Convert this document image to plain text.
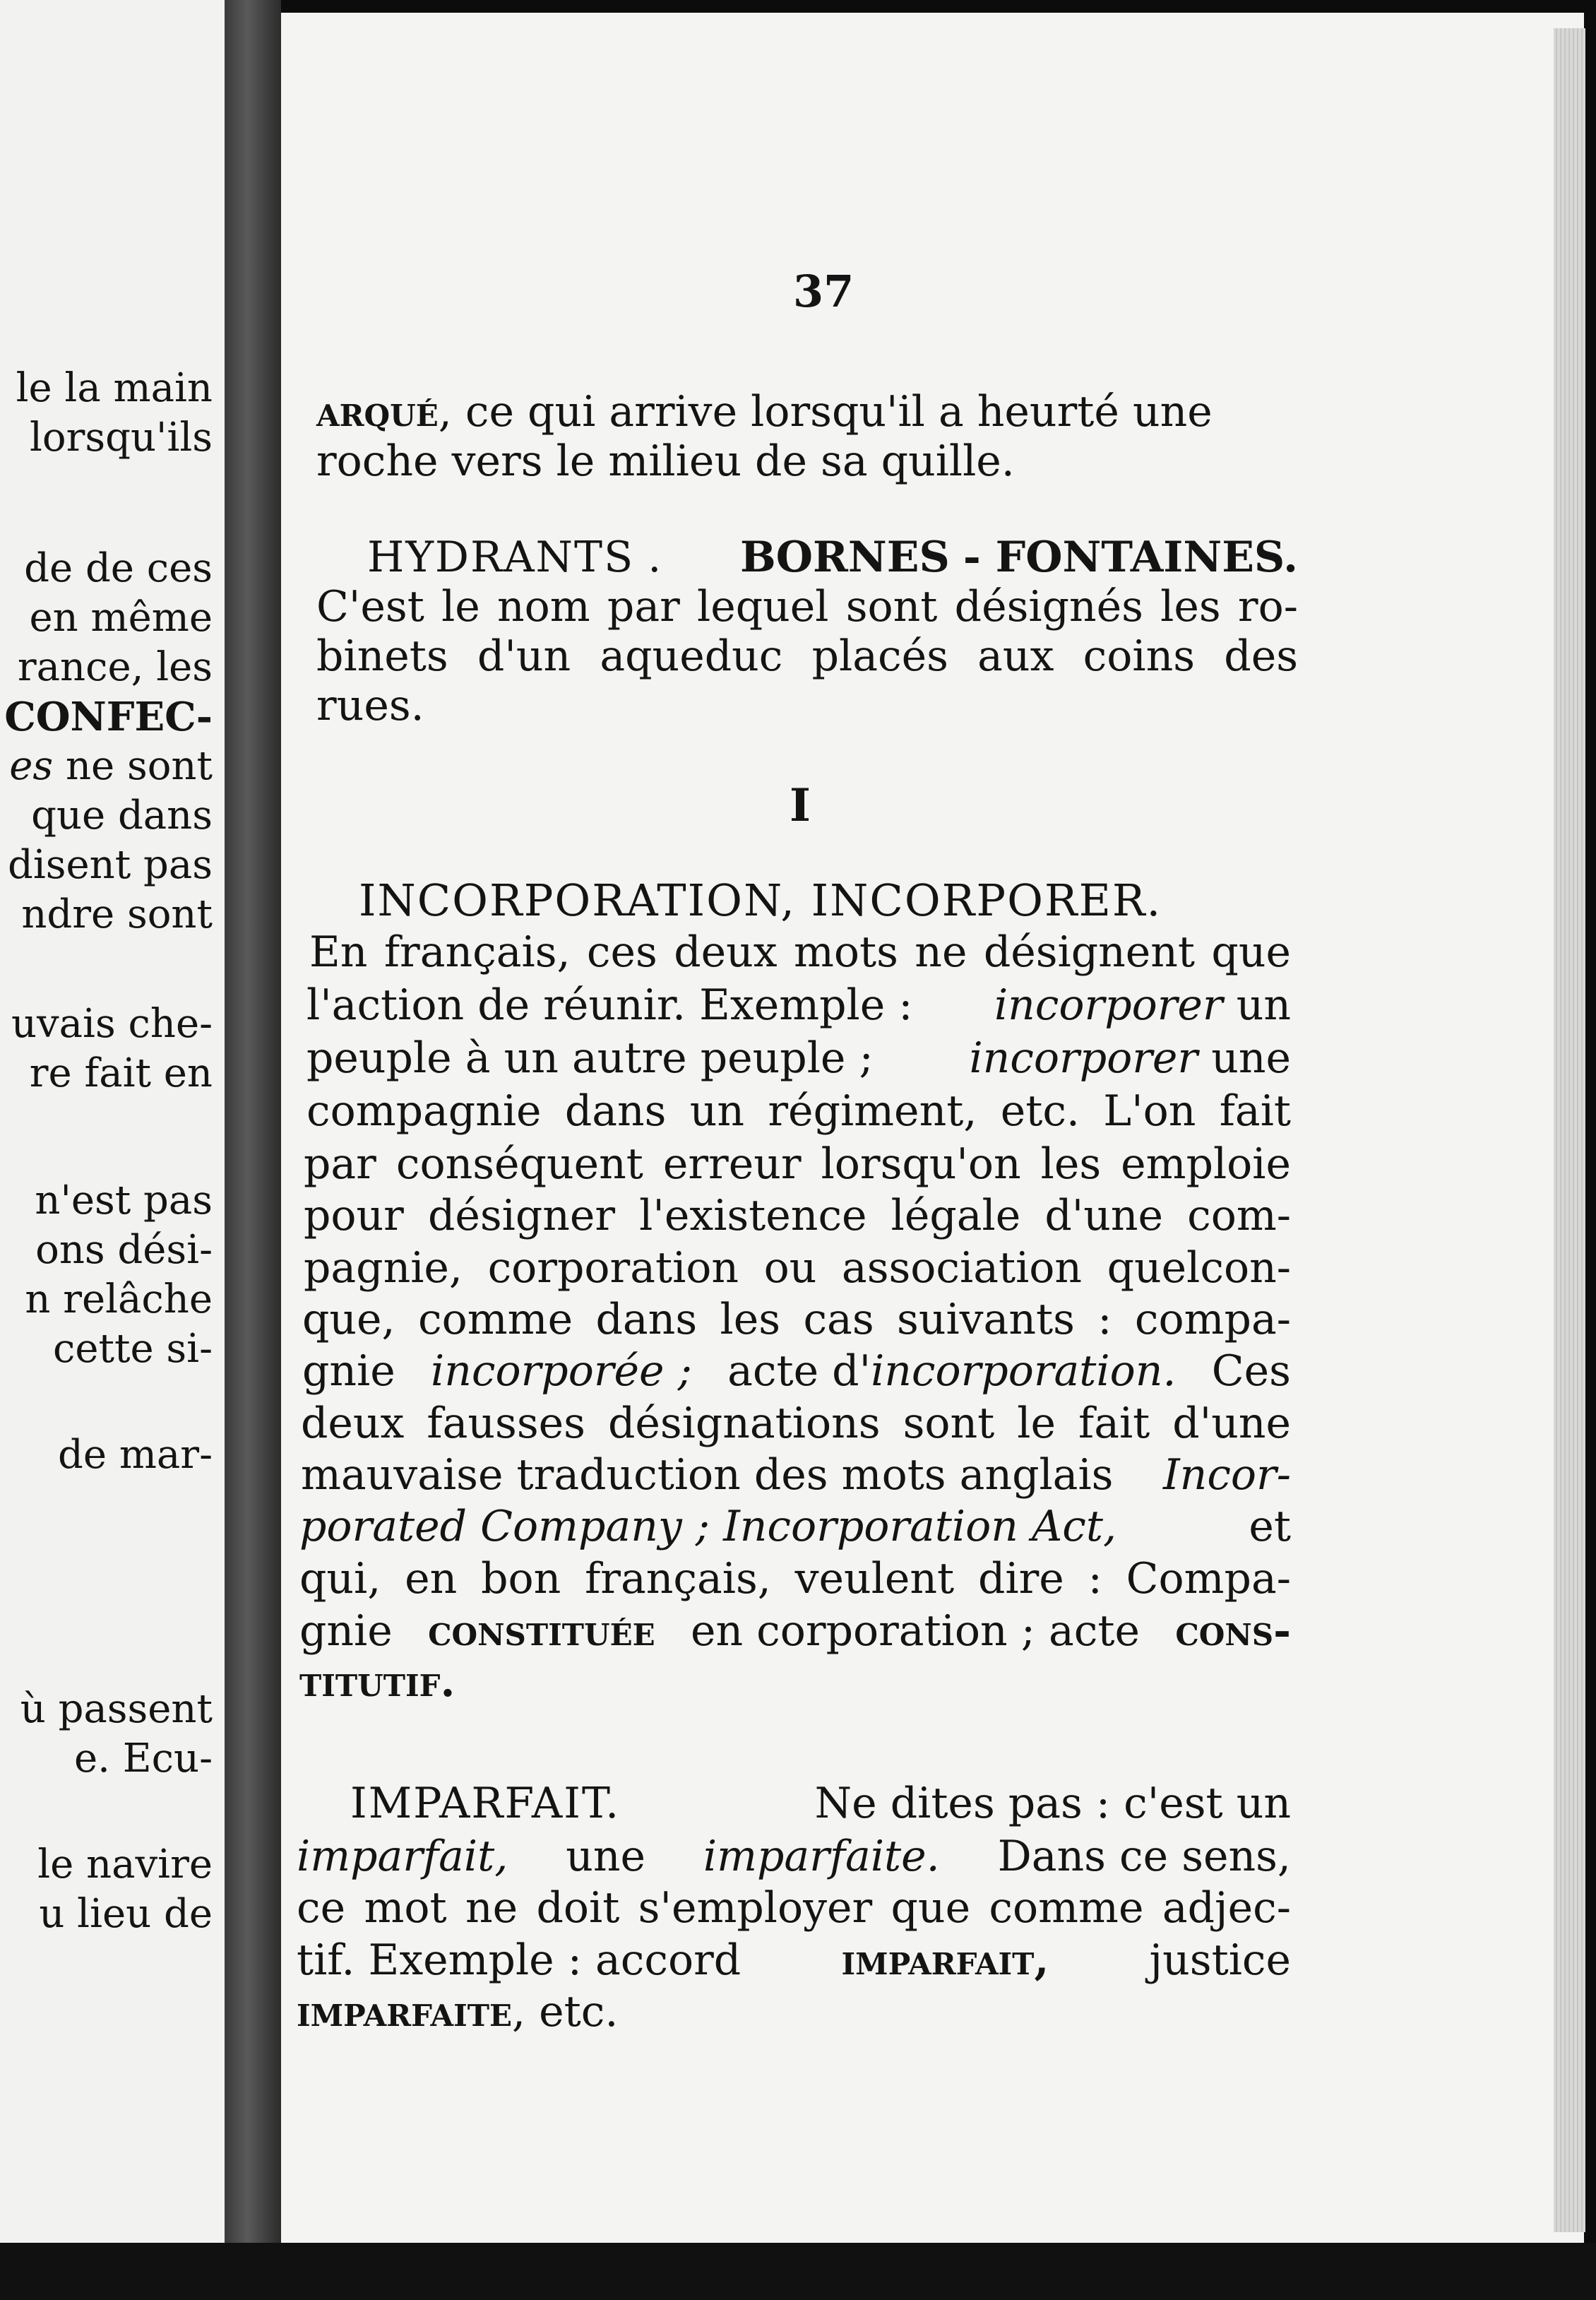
le la main
lorsqu'ils
de de ces
en même
rance, les
CONFEC-
es ne sont
que dans
disent pas
ndre sont
uvais che-
re fait en
n'est pas
ons dési-
n relâche
cette si-
de mar-
ù passent
e. Ecu-
le navire
u lieu de
37
arqué, ce qui arrive lorsqu'il a heurté une
roche vers le milieu de sa quille.
HYDRANTS . BORNES - FONTAINES.
C'est le nom par lequel sont désignés les ro-
binets d'un aqueduc placés aux coins des
rues.
I
INCORPORATION, INCORPORER.
En français, ces deux mots ne désignent que
l'action de réunir. Exemple : incorporer un
peuple à un autre peuple ; incorporer une
compagnie dans un régiment, etc. L'on fait
par conséquent erreur lorsqu'on les emploie
pour désigner l'existence légale d'une com-
pagnie, corporation ou association quelcon-
que, comme dans les cas suivants : compa-
gnie incorporée ; acte d'incorporation. Ces
deux fausses désignations sont le fait d'une
mauvaise traduction des mots anglais Incor-
porated Company ; Incorporation Act,	et
qui, en bon français, veulent dire : Compa-
gnie constituée en corporation ; acte cons-
titutif.
IMPARFAIT.	Ne dites pas : c'est un
imparfait, une imparfaite. Dans ce sens,
ce mot ne doit s'employer que comme adjec-
tif. Exemple : accord imparfait, justice
imparfaite, etc.
